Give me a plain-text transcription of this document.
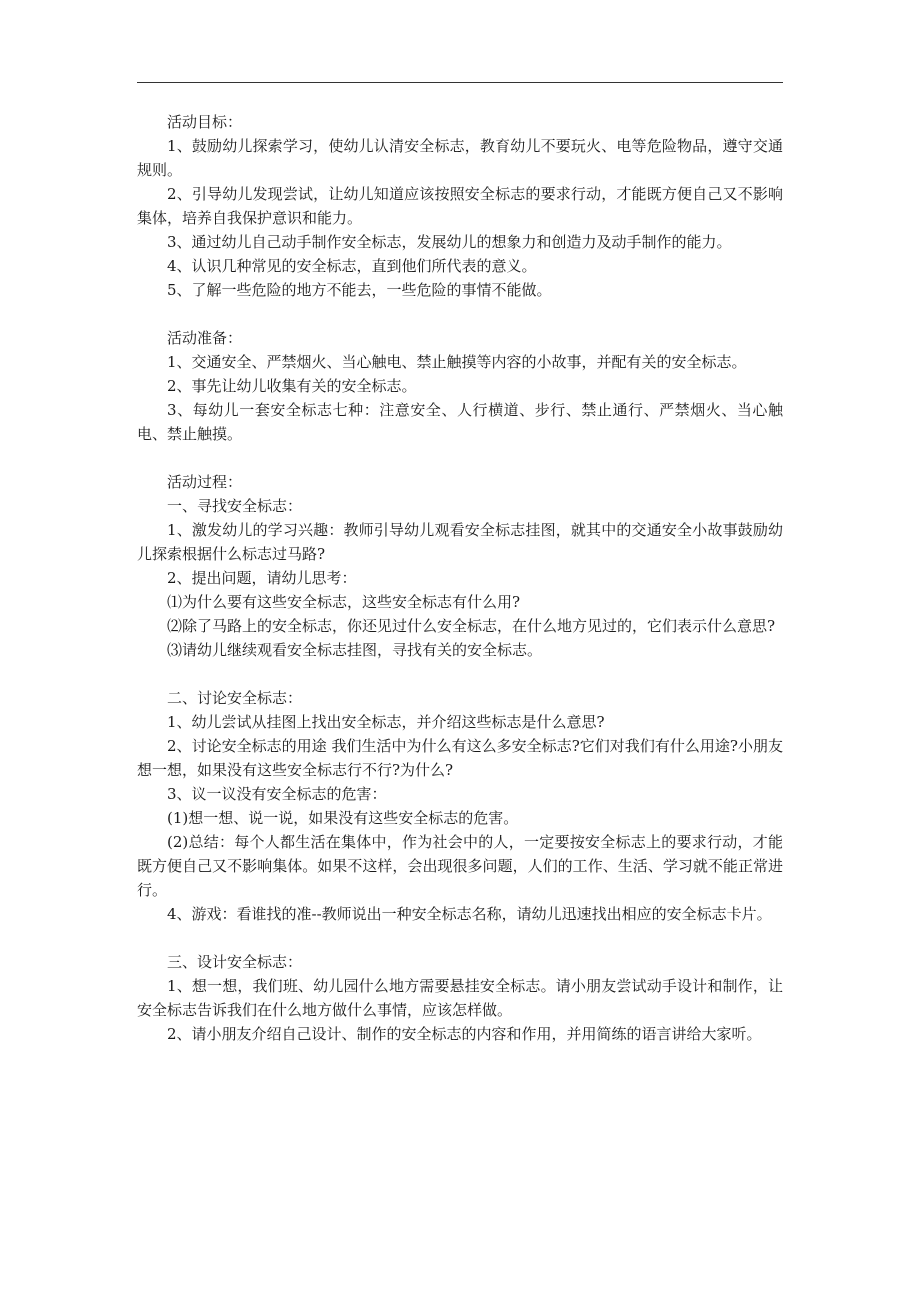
活动目标：

1、鼓励幼儿探索学习，使幼儿认清安全标志，教育幼儿不要玩火、电等危险物品，遵守交通规则。

2、引导幼儿发现尝试，让幼儿知道应该按照安全标志的要求行动，才能既方便自己又不影响集体，培养自我保护意识和能力。

3、通过幼儿自己动手制作安全标志，发展幼儿的想象力和创造力及动手制作的能力。

4、认识几种常见的安全标志，直到他们所代表的意义。

5、了解一些危险的地方不能去，一些危险的事情不能做。

活动准备：

1、交通安全、严禁烟火、当心触电、禁止触摸等内容的小故事，并配有关的安全标志。

2、事先让幼儿收集有关的安全标志。

3、每幼儿一套安全标志七种：注意安全、人行横道、步行、禁止通行、严禁烟火、当心触电、禁止触摸。

活动过程：

一、寻找安全标志：

1、激发幼儿的学习兴趣：教师引导幼儿观看安全标志挂图，就其中的交通安全小故事鼓励幼儿探索根据什么标志过马路?

2、提出问题，请幼儿思考：

⑴为什么要有这些安全标志，这些安全标志有什么用?

⑵除了马路上的安全标志，你还见过什么安全标志，在什么地方见过的，它们表示什么意思?

⑶请幼儿继续观看安全标志挂图，寻找有关的安全标志。

二、讨论安全标志：

1、幼儿尝试从挂图上找出安全标志，并介绍这些标志是什么意思?

2、讨论安全标志的用途 我们生活中为什么有这么多安全标志?它们对我们有什么用途?小朋友想一想，如果没有这些安全标志行不行?为什么?

3、议一议没有安全标志的危害：

(1)想一想、说一说，如果没有这些安全标志的危害。

(2)总结：每个人都生活在集体中，作为社会中的人，一定要按安全标志上的要求行动，才能既方便自己又不影响集体。如果不这样，会出现很多问题，人们的工作、生活、学习就不能正常进行。

4、游戏：看谁找的准--教师说出一种安全标志名称，请幼儿迅速找出相应的安全标志卡片。

三、设计安全标志：

1、想一想，我们班、幼儿园什么地方需要悬挂安全标志。请小朋友尝试动手设计和制作，让安全标志告诉我们在什么地方做什么事情，应该怎样做。

2、请小朋友介绍自己设计、制作的安全标志的内容和作用，并用简练的语言讲给大家听。
